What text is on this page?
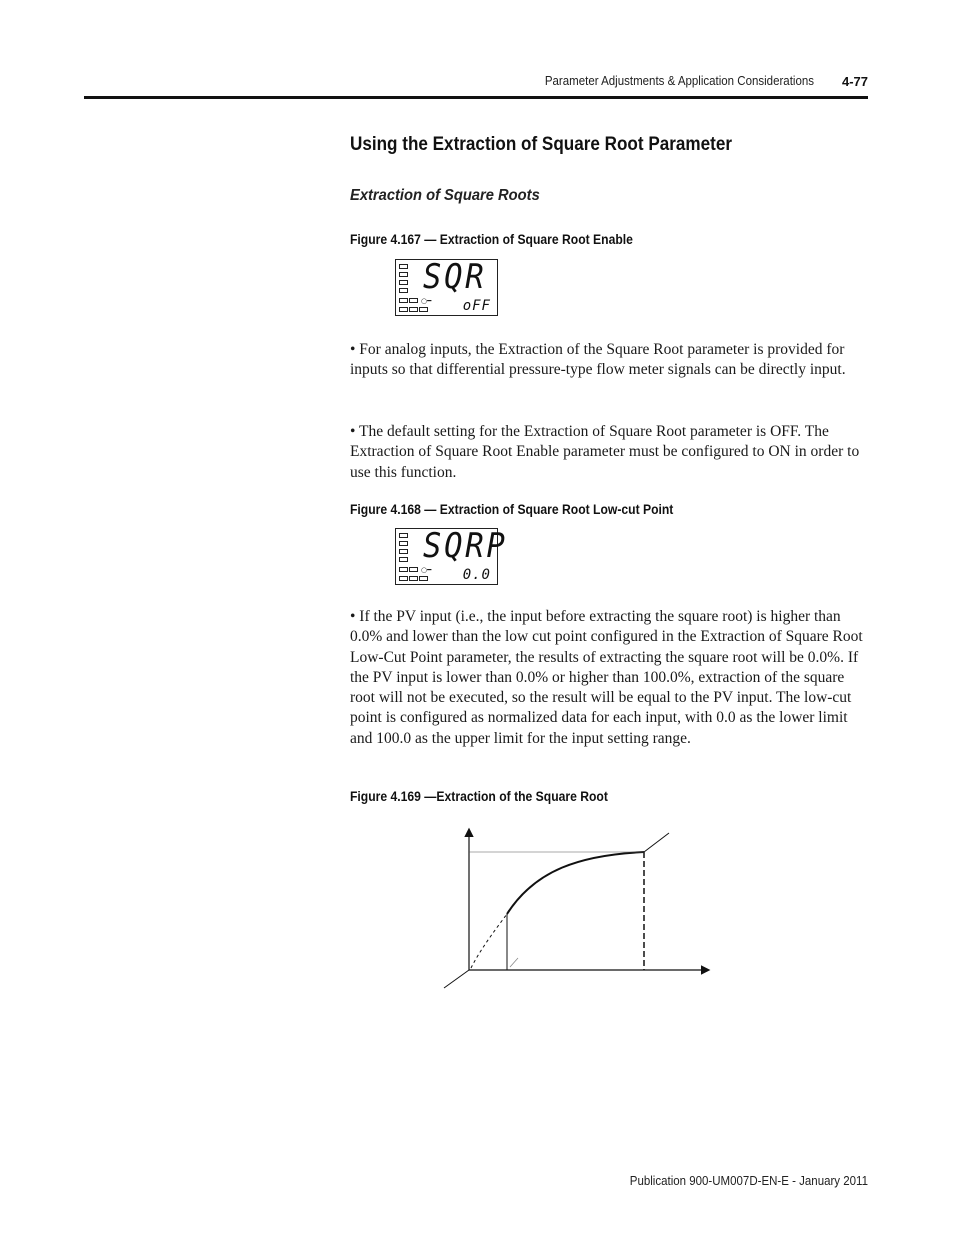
Parameter Adjustments & Application Considerations	4-77
Using the Extraction of Square Root Parameter
Extraction of Square Roots

Figure 4.167 — Extraction of Square Root Enable

○━
SQR
oFF

• For analog inputs, the Extraction of the Square Root parameter is provided for inputs so that differential pressure-type flow meter signals can be directly input.

• The default setting for the Extraction of Square Root parameter is OFF. The Extraction of Square Root Enable parameter must be configured to ON in order to use this function.

Figure 4.168 — Extraction of Square Root Low-cut Point

○━
SQRP
0.0

• If the PV input (i.e., the input before extracting the square root) is higher than 0.0% and lower than the low cut point configured in the Extraction of Square Root Low-Cut Point parameter, the results of extracting the square root will be 0.0%. If the PV input is lower than 0.0% or higher than 100.0%, extraction of the square root will not be executed, so the result will be equal to the PV input. The low-cut point is configured as normalized data for each input, with 0.0 as the lower limit and 100.0 as the upper limit for the input setting range.

Figure 4.169 —Extraction of the Square Root

Publication 900-UM007D-EN-E - January 2011
